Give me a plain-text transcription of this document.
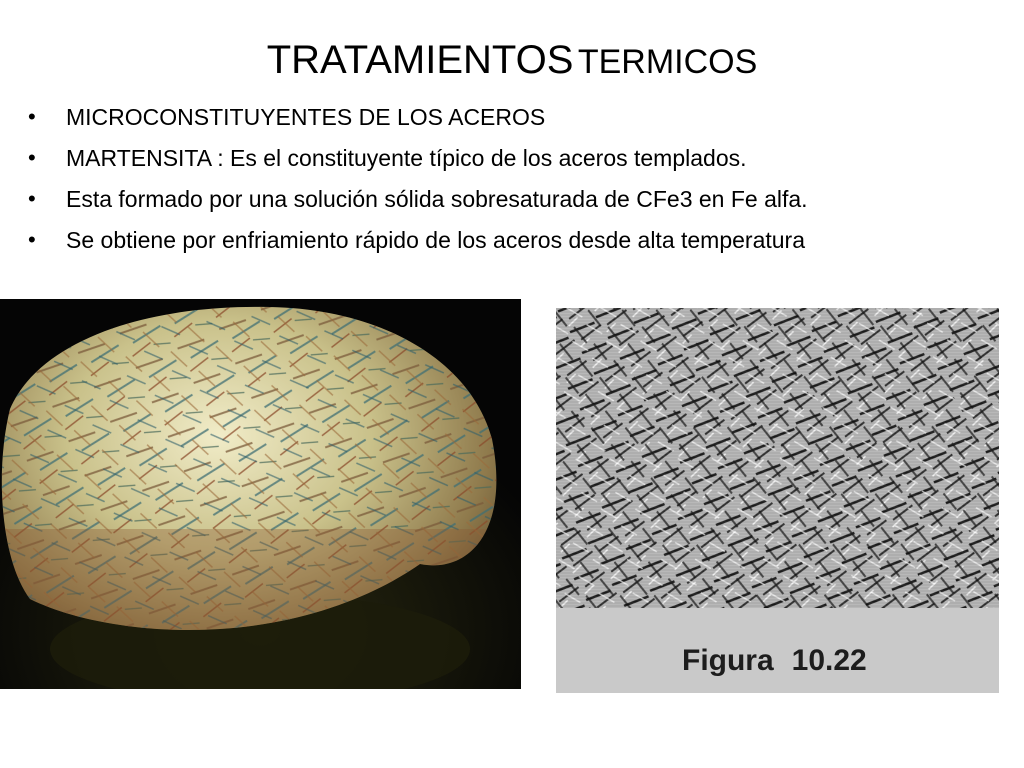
TRATAMIENTOS TERMICOS
• MICROCONSTITUYENTES DE LOS ACEROS
• MARTENSITA : Es el constituyente típico de los aceros templados.
• Esta formado por una solución sólida sobresaturada de CFe3 en Fe alfa.
• Se obtiene por enfriamiento rápido de los aceros desde alta temperatura
Figura 10.22
